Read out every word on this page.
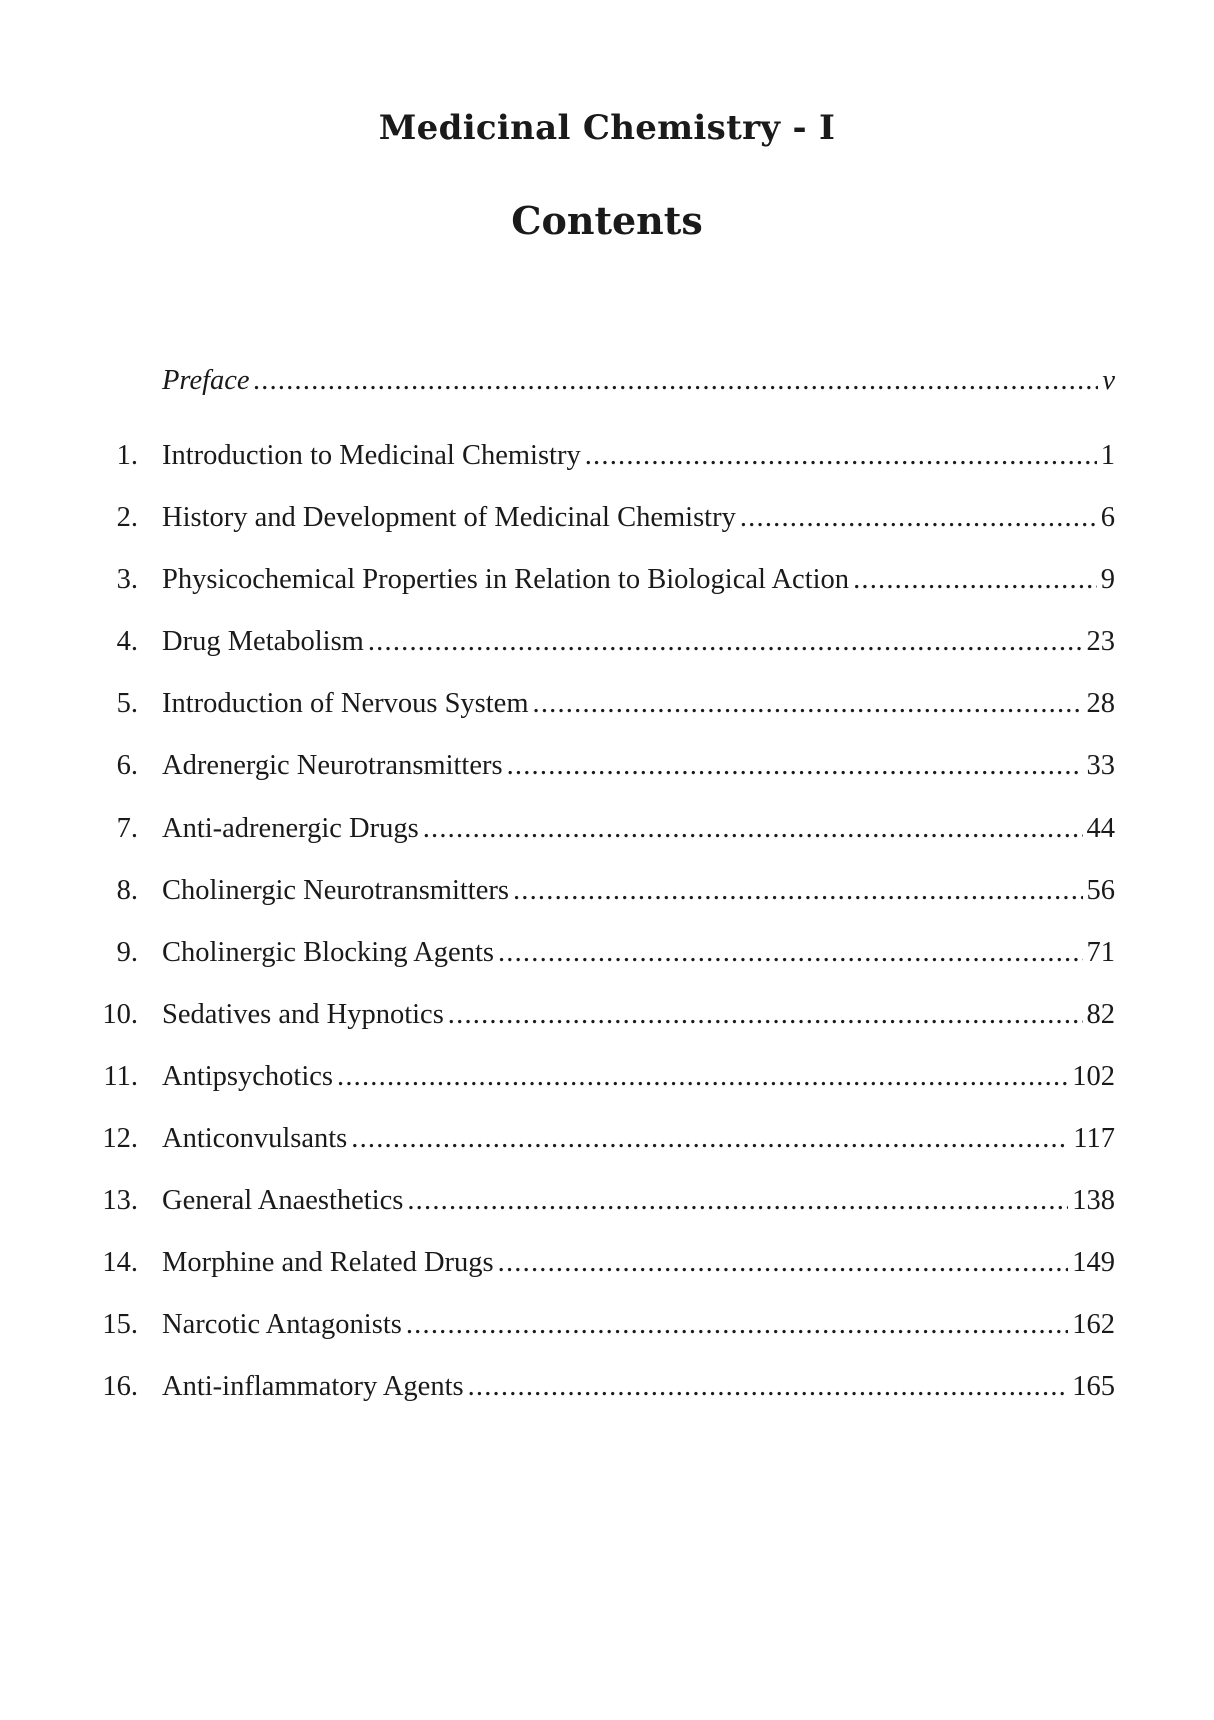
Medicinal Chemistry - I
Contents
Preface .....	v
1. Introduction to Medicinal Chemistry .....	1
2. History and Development of Medicinal Chemistry .....	6
3. Physicochemical Properties in Relation to Biological Action .....	9
4. Drug Metabolism .....	23
5. Introduction of Nervous System .....	28
6. Adrenergic Neurotransmitters .....	33
7. Anti-adrenergic Drugs .....	44
8. Cholinergic Neurotransmitters .....	56
9. Cholinergic Blocking Agents .....	71
10. Sedatives and Hypnotics .....	82
11. Antipsychotics .....	102
12. Anticonvulsants .....	117
13. General Anaesthetics .....	138
14. Morphine and Related Drugs .....	149
15. Narcotic Antagonists .....	162
16. Anti-inflammatory Agents .....	165
